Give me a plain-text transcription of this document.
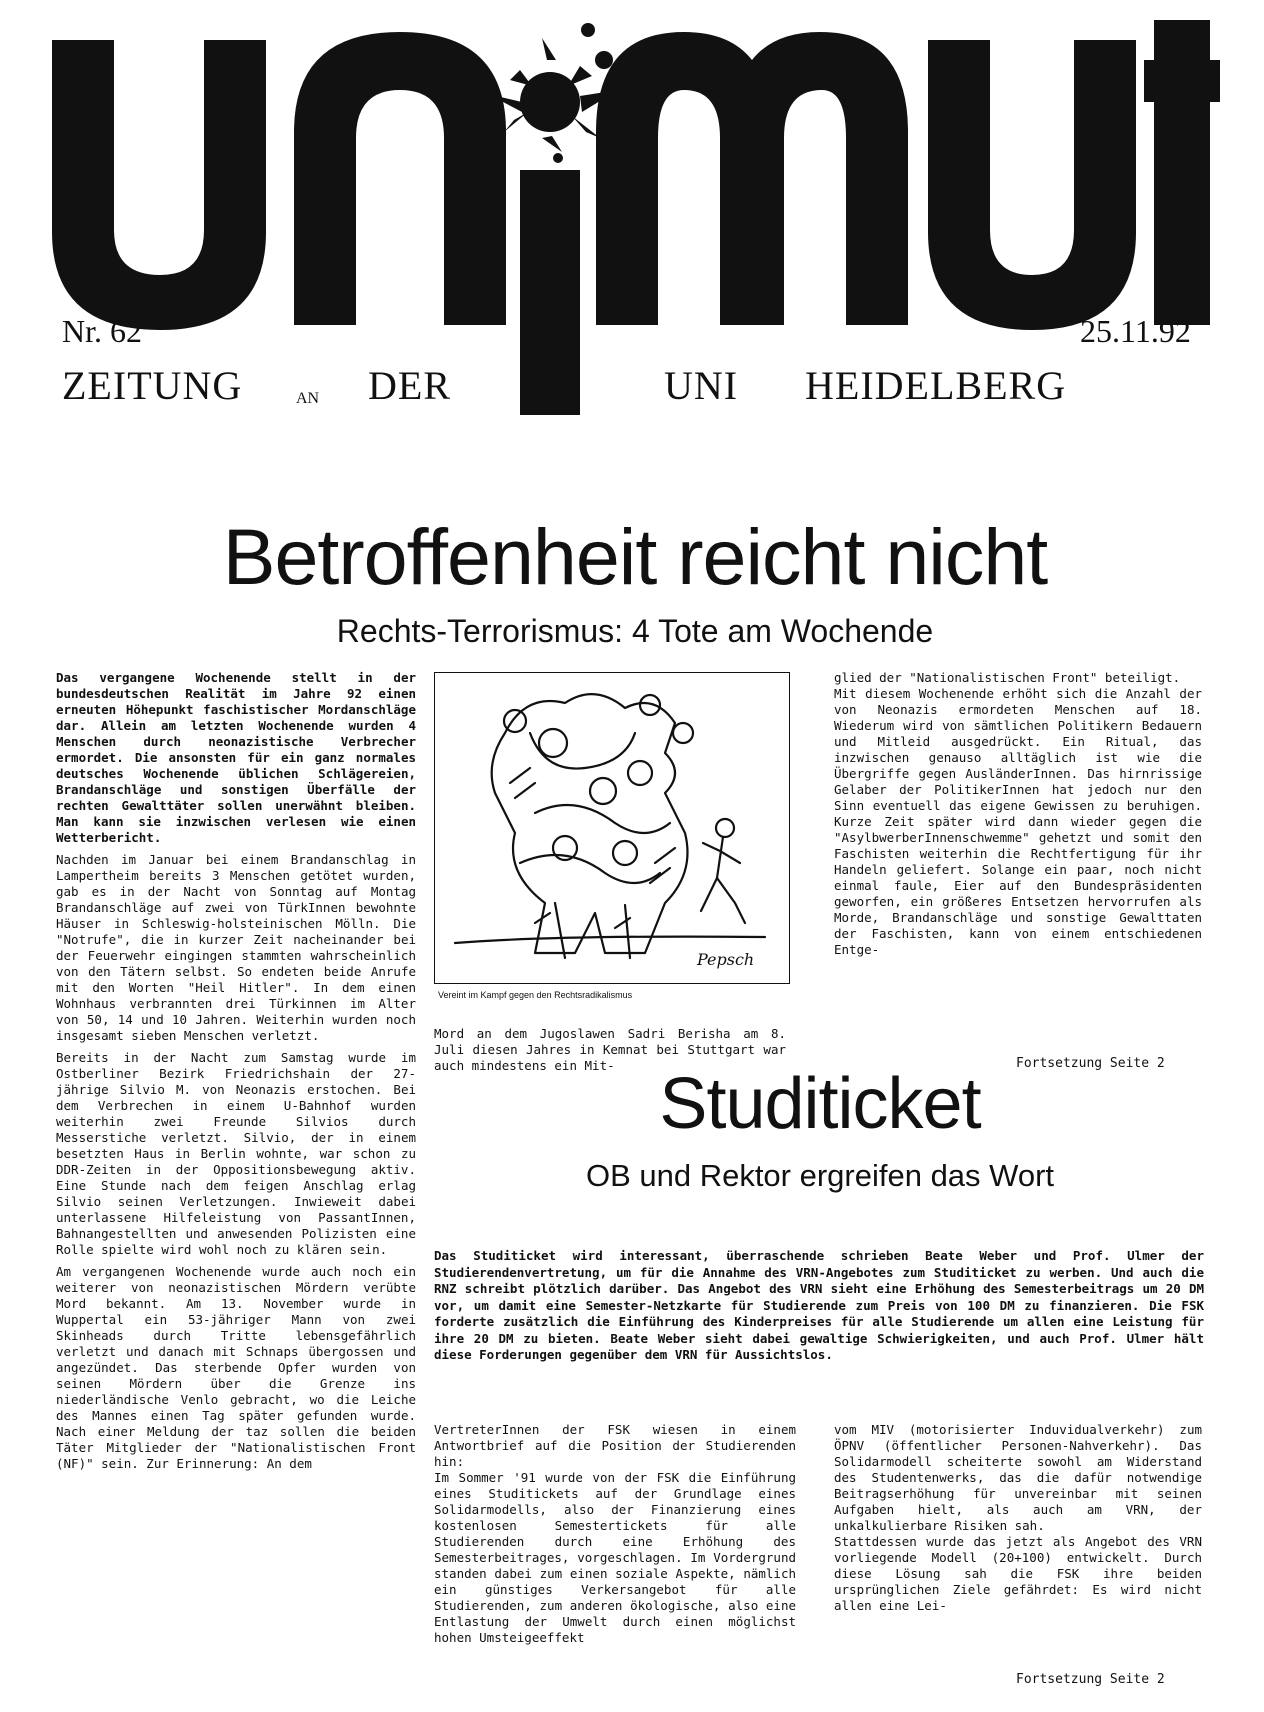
Nr. 62	25.11.92
ZEITUNG	AN DER	UNI HEIDELBERG
Betroffenheit reicht nicht
Rechts-Terrorismus: 4 Tote am Wochende

Das vergangene Wochenende stellt in der bundesdeutschen Realität im Jahre 92 einen erneuten Höhepunkt faschistischer Mordanschläge dar. Allein am letzten Wochenende wurden 4 Menschen durch neonazistische Verbrecher ermordet. Die ansonsten für ein ganz normales deutsches Wochenende üblichen Schlägereien, Brandanschläge und sonstigen Überfälle der rechten Gewalttäter sollen unerwähnt bleiben. Man kann sie inzwischen verlesen wie einen Wetterbericht.

Nachden im Januar bei einem Brandanschlag in Lampertheim bereits 3 Menschen getötet wurden, gab es in der Nacht von Sonntag auf Montag Brandanschläge auf zwei von TürkInnen bewohnte Häuser in Schleswig-holsteinischen Mölln. Die "Notrufe", die in kurzer Zeit nacheinander bei der Feuerwehr eingingen stammten wahrscheinlich von den Tätern selbst. So endeten beide Anrufe mit den Worten "Heil Hitler". In dem einen Wohnhaus verbrannten drei Türkinnen im Alter von 50, 14 und 10 Jahren. Weiterhin wurden noch insgesamt sieben Menschen verletzt.

Bereits in der Nacht zum Samstag wurde im Ostberliner Bezirk Friedrichshain der 27-jährige Silvio M. von Neonazis erstochen. Bei dem Verbrechen in einem U-Bahnhof wurden weiterhin zwei Freunde Silvios durch Messerstiche verletzt. Silvio, der in einem besetzten Haus in Berlin wohnte, war schon zu DDR-Zeiten in der Oppositionsbewegung aktiv. Eine Stunde nach dem feigen Anschlag erlag Silvio seinen Verletzungen. Inwieweit dabei unterlassene Hilfeleistung von PassantInnen, Bahnangestellten und anwesenden Polizisten eine Rolle spielte wird wohl noch zu klären sein.

Am vergangenen Wochenende wurde auch noch ein weiterer von neonazistischen Mördern verübte Mord bekannt. Am 13. November wurde in Wuppertal ein 53-jähriger Mann von zwei Skinheads durch Tritte lebensgefährlich verletzt und danach mit Schnaps übergossen und angezündet. Das sterbende Opfer wurden von seinen Mördern über die Grenze ins niederländische Venlo gebracht, wo die Leiche des Mannes einen Tag später gefunden wurde. Nach einer Meldung der taz sollen die beiden Täter Mitglieder der "Nationalistischen Front (NF)" sein. Zur Erinnerung: An dem

Pepsch
Vereint im Kampf gegen den Rechtsradikalismus

Mord an dem Jugoslawen Sadri Berisha am 8. Juli diesen Jahres in Kemnat bei Stuttgart war auch mindestens ein Mit-

glied der "Nationalistischen Front" beteiligt.

Mit diesem Wochenende erhöht sich die Anzahl der von Neonazis ermordeten Menschen auf 18. Wiederum wird von sämtlichen Politikern Bedauern und Mitleid ausgedrückt. Ein Ritual, das inzwischen genauso alltäglich ist wie die Übergriffe gegen AusländerInnen. Das hirnrissige Gelaber der PolitikerInnen hat jedoch nur den Sinn eventuell das eigene Gewissen zu beruhigen. Kurze Zeit später wird dann wieder gegen die "AsylbwerberInnenschwemme" gehetzt und somit den Faschisten weiterhin die Rechtfertigung für ihr Handeln geliefert. Solange ein paar, noch nicht einmal faule, Eier auf den Bundespräsidenten geworfen, ein größeres Entsetzen hervorrufen als Morde, Brandanschläge und sonstige Gewalttaten der Faschisten, kann von einem entschiedenen Entge-

Fortsetzung Seite 2
Studiticket
OB und Rektor ergreifen das Wort
Das Studiticket wird interessant, überraschende schrieben Beate Weber und Prof. Ulmer der Studierendenvertretung, um für die Annahme des VRN-Angebotes zum Studiticket zu werben. Und auch die RNZ schreibt plötzlich darüber. Das Angebot des VRN sieht eine Erhöhung des Semesterbeitrags um 20 DM vor, um damit eine Semester-Netzkarte für Studierende zum Preis von 100 DM zu finanzieren. Die FSK forderte zusätzlich die Einführung des Kinderpreises für alle Studierende um allen eine Leistung für ihre 20 DM zu bieten. Beate Weber sieht dabei gewaltige Schwierigkeiten, und auch Prof. Ulmer hält diese Forderungen gegenüber dem VRN für Aussichtslos.

VertreterInnen der FSK wiesen in einem Antwortbrief auf die Position der Studierenden hin:

Im Sommer '91 wurde von der FSK die Einführung eines Studitickets auf der Grundlage eines Solidarmodells, also der Finanzierung eines kostenlosen Semestertickets für alle Studierenden durch eine Erhöhung des Semesterbeitrages, vorgeschlagen. Im Vordergrund standen dabei zum einen soziale Aspekte, nämlich ein günstiges Verkersangebot für alle Studierenden, zum anderen ökologische, also eine Entlastung der Umwelt durch einen möglichst hohen Umsteigeeffekt

vom MIV (motorisierter Induvidualverkehr) zum ÖPNV (öffentlicher Personen-Nahverkehr). Das Solidarmodell scheiterte sowohl am Widerstand des Studentenwerks, das die dafür notwendige Beitragserhöhung für unvereinbar mit seinen Aufgaben hielt, als auch am VRN, der unkalkulierbare Risiken sah.

Stattdessen wurde das jetzt als Angebot des VRN vorliegende Modell (20+100) entwickelt. Durch diese Lösung sah die FSK ihre beiden ursprünglichen Ziele gefährdet: Es wird nicht allen eine Lei-

Fortsetzung Seite 2
